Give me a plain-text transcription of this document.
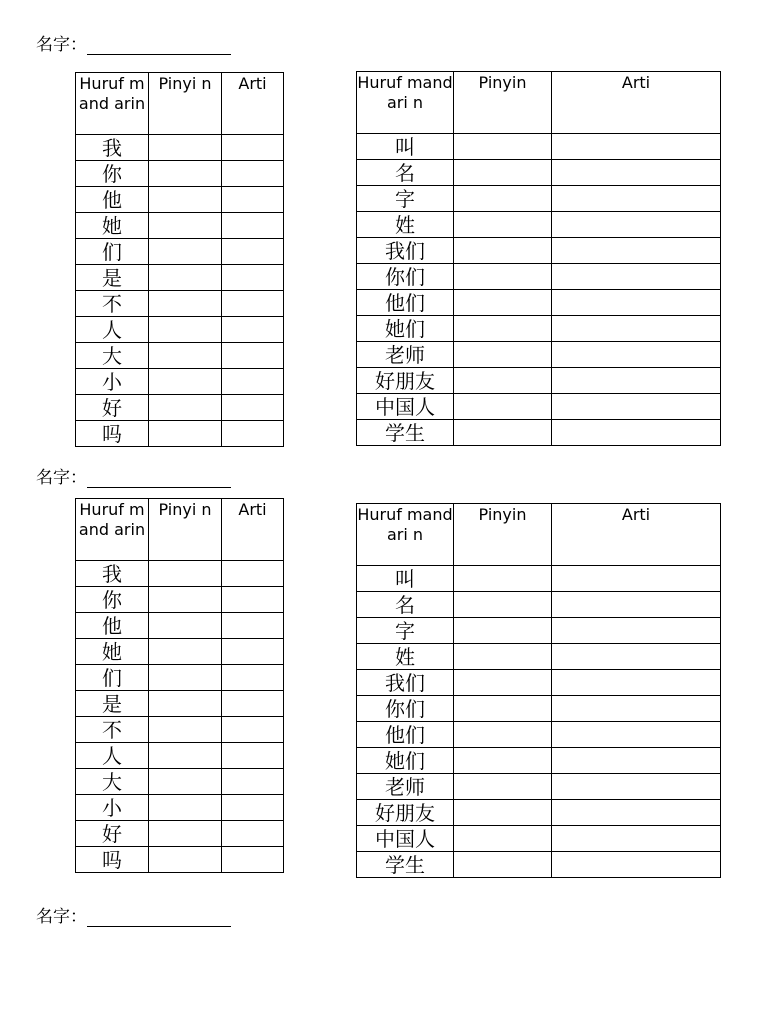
名字：
Huruf mand arin	Pinyi n	Arti
我		
你		
他		
她		
们		
是		
不		
人		
大		
小		
好		
吗		
Huruf mandari n	Pinyin	Arti
叫		
名		
字		
姓		
我们		
你们		
他们		
她们		
老师		
好朋友		
中国人		
学生		
名字：
Huruf mand arin	Pinyi n	Arti
我		
你		
他		
她		
们		
是		
不		
人		
大		
小		
好		
吗		
Huruf mandari n	Pinyin	Arti
叫		
名		
字		
姓		
我们		
你们		
他们		
她们		
老师		
好朋友		
中国人		
学生		
名字：
